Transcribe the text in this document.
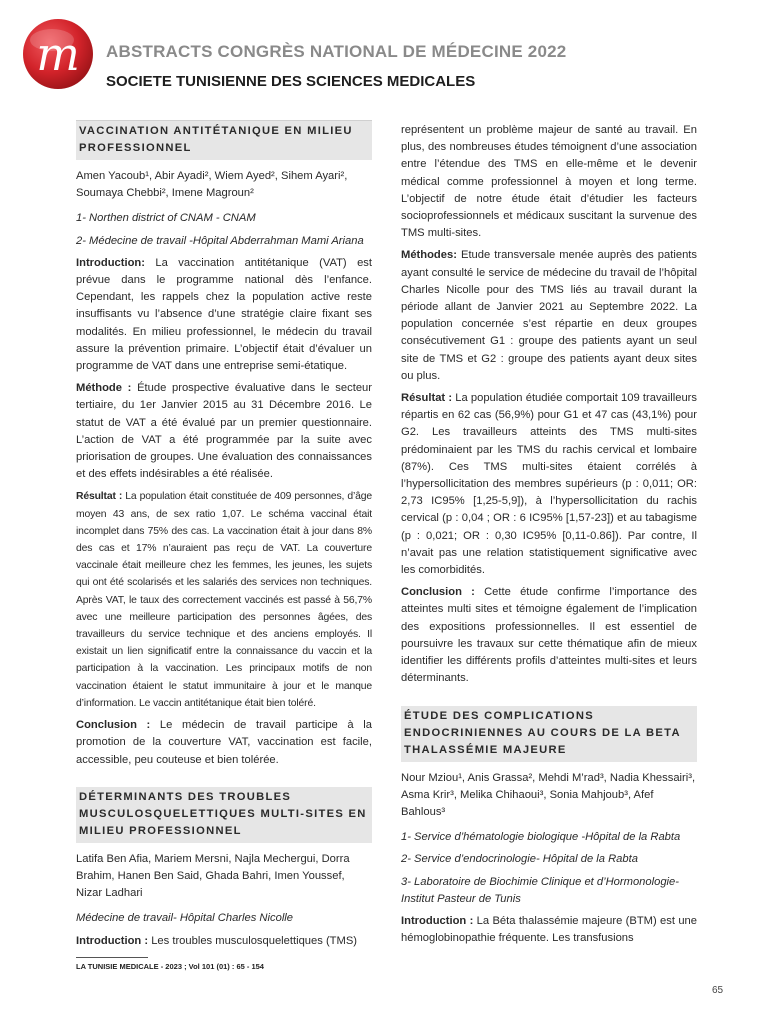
m ABSTRACTS CONGRÈS NATIONAL DE MÉDECINE 2022
SOCIETE TUNISIENNE DES SCIENCES MEDICALES
VACCINATION ANTITÉTANIQUE EN MILIEU PROFESSIONNEL

Amen Yacoub¹, Abir Ayadi², Wiem Ayed², Sihem Ayari², Soumaya Chebbi², Imene Magroun²

1- Northen district of CNAM - CNAM

2- Médecine de travail -Hôpital Abderrahman Mami Ariana

Introduction: La vaccination antitétanique (VAT) est prévue dans le programme national dès l’enfance. Cependant, les rappels chez la population active reste insuffisants vu l’absence d’une stratégie claire fixant ses modalités. En milieu professionnel, le médecin du travail assure la prévention primaire. L’objectif était d’évaluer un programme de VAT dans une entreprise semi-étatique.

Méthode : Étude prospective évaluative dans le secteur tertiaire, du 1er Janvier 2015 au 31 Décembre 2016. Le statut de VAT a été évalué par un premier questionnaire. L’action de VAT a été programmée par la suite avec priorisation de groupes. Une évaluation des connaissances et des effets indésirables a été réalisée.

Résultat : La population était constituée de 409 personnes, d’âge moyen 43 ans, de sex ratio 1,07. Le schéma vaccinal était incomplet dans 75% des cas. La vaccination était à jour dans 8% des cas et 17% n’auraient pas reçu de VAT. La couverture vaccinale était meilleure chez les femmes, les jeunes, les sujets qui ont été scolarisés et les salariés des services non techniques. Après VAT, le taux des correctement vaccinés est passé à 56,7% avec une meilleure participation des personnes âgées, des travailleurs du service technique et des anciens employés. Il existait un lien significatif entre la connaissance du vaccin et la participation à la vaccination. Les principaux motifs de non vaccination étaient le statut immunitaire à jour et le manque d’information. Le vaccin antitétanique était bien toléré.

Conclusion : Le médecin de travail participe à la promotion de la couverture VAT, vaccination est facile, accessible, peu couteuse et bien tolérée.

DÉTERMINANTS DES TROUBLES MUSCULOSQUELETTIQUES MULTI-SITES EN MILIEU PROFESSIONNEL

Latifa Ben Afia, Mariem Mersni, Najla Mechergui, Dorra Brahim, Hanen Ben Said, Ghada Bahri, Imen Youssef, Nizar Ladhari

Médecine de travail- Hôpital Charles Nicolle

Introduction : Les troubles musculosquelettiques (TMS)

représentent un problème majeur de santé au travail. En plus, des nombreuses études témoignent d’une association entre l’étendue des TMS en elle-même et le devenir médical comme professionnel à moyen et long terme. L’objectif de notre étude était d’étudier les facteurs socioprofessionnels et médicaux suscitant la survenue des TMS multi-sites.

Méthodes: Etude transversale menée auprès des patients ayant consulté le service de médecine du travail de l’hôpital Charles Nicolle pour des TMS liés au travail durant la période allant de Janvier 2021 au Septembre 2022. La population concernée s’est répartie en deux groupes consécutivement G1 : groupe des patients ayant un seul site de TMS et G2 : groupe des patients ayant deux sites ou plus.

Résultat : La population étudiée comportait 109 travailleurs répartis en 62 cas (56,9%) pour G1 et 47 cas (43,1%) pour G2. Les travailleurs atteints des TMS multi-sites prédominaient par les TMS du rachis cervical et lombaire (87%). Ces TMS multi-sites étaient corrélés à l’hypersollicitation des membres supérieurs (p : 0,011; OR: 2,73 IC95% [1,25-5,9]), à l’hypersollicitation du rachis cervical (p : 0,04 ; OR : 6 IC95% [1,57-23]) et au tabagisme (p : 0,021; OR : 0,30 IC95% [0,11-0.86]). Par contre, Il n’avait pas une relation statistiquement significative avec les comorbidités.

Conclusion : Cette étude confirme l’importance des atteintes multi sites et témoigne également de l’implication des expositions professionnelles. Il est essentiel de poursuivre les travaux sur cette thématique afin de mieux identifier les différents profils d’atteintes multi-sites et leurs déterminants.

ÉTUDE DES COMPLICATIONS ENDOCRINIENNES AU COURS DE LA BETA THALASSÉMIE MAJEURE

Nour Mziou¹, Anis Grassa², Mehdi M’rad³, Nadia Khessairi³, Asma Krir³, Melika Chihaoui³, Sonia Mahjoub³, Afef Bahlous³

1- Service d’hématologie biologique -Hôpital de la Rabta

2- Service d’endocrinologie- Hôpital de la Rabta

3- Laboratoire de Biochimie Clinique et d’Hormonologie- Institut Pasteur de Tunis

Introduction : La Béta thalassémie majeure (BTM) est une hémoglobinopathie fréquente. Les transfusions

LA TUNISIE MEDICALE - 2023 ; Vol 101 (01) : 65 - 154
65
